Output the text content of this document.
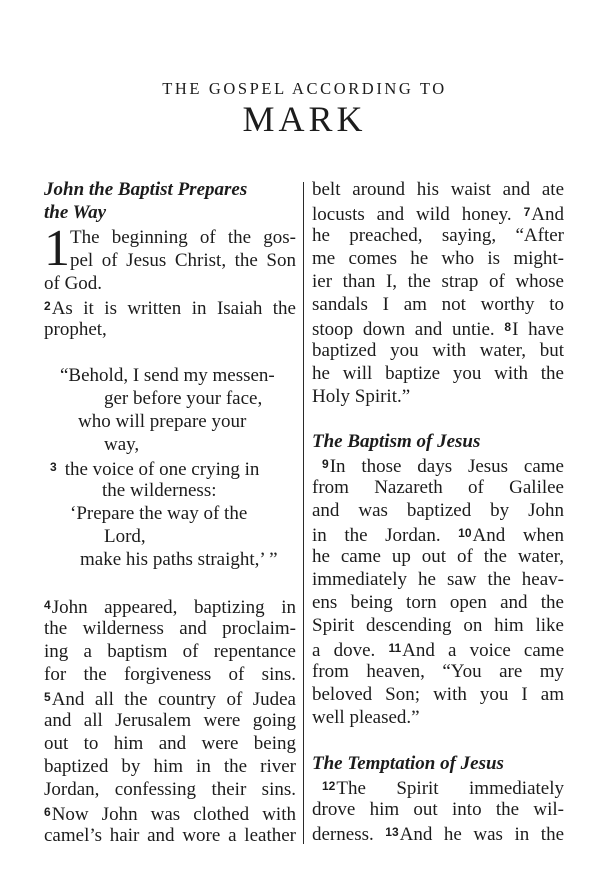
THE GOSPEL ACCORDING TO
MARK
John the Baptist Prepares
the Way
1 The beginning of the gos-
pel of Jesus Christ, the Son
of God.
$^2$As it is written in Isaiah the
prophet,
“Behold, I send my messen-
ger before your face,
who will prepare your
way,
$^3$ the voice of one crying in
the wilderness:
‘Prepare the way of the
Lord,
make his paths straight,’ ”
$^4$John appeared, baptizing in
the wilderness and proclaim-
ing a baptism of repentance
for the forgiveness of sins.
$^5$And all the country of Judea
and all Jerusalem were going
out to him and were being
baptized by him in the river
Jordan, confessing their sins.
$^6$Now John was clothed with
camel’s hair and wore a leather
belt around his waist and ate
locusts and wild honey. $^7$And
he preached, saying, “After
me comes he who is might-
ier than I, the strap of whose
sandals I am not worthy to
stoop down and untie. $^8$I have
baptized you with water, but
he will baptize you with the
Holy Spirit.”
The Baptism of Jesus
$^9$In those days Jesus came
from Nazareth of Galilee
and was baptized by John
in the Jordan. $^{10}$And when
he came up out of the water,
immediately he saw the heav-
ens being torn open and the
Spirit descending on him like
a dove. $^{11}$And a voice came
from heaven, “You are my
beloved Son; with you I am
well pleased.”
The Temptation of Jesus
$^{12}$The Spirit immediately
drove him out into the wil-
derness. $^{13}$And he was in the
